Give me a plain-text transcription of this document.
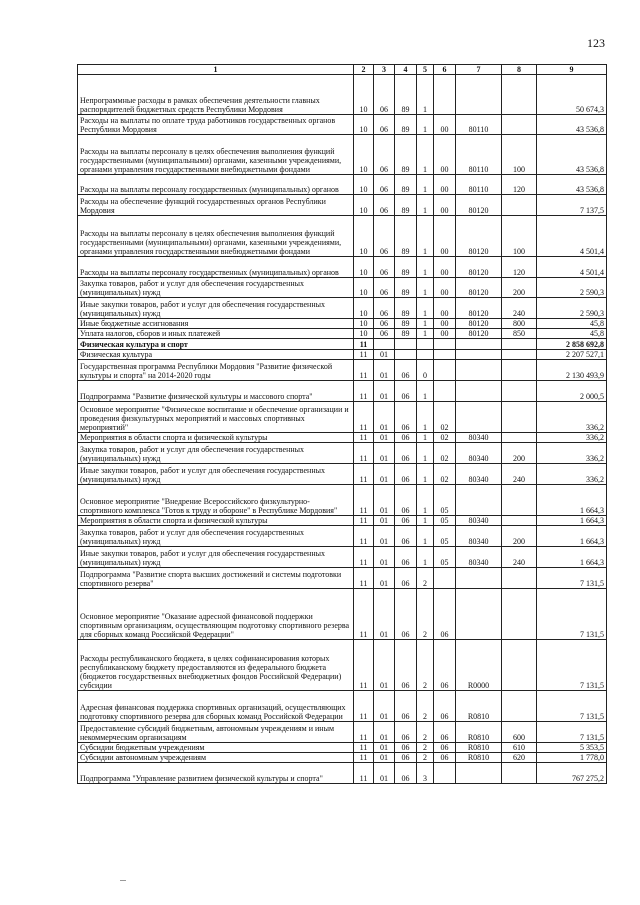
123
1	2	3	4	5	6	7	8	9
Непрограммные расходы в рамках обеспечения деятельности главных распорядителей бюджетных средств Республики Мордовия	10	06	89	1				50 674,3
Расходы на выплаты по оплате труда работников государственных органов Республики Мордовия	10	06	89	1	00	80110		43 536,8
Расходы на выплаты персоналу в целях обеспечения выполнения функций государственными (муниципальными) органами, казенными учреждениями, органами управления государственными внебюджетными фондами	10	06	89	1	00	80110	100	43 536,8
Расходы на выплаты персоналу государственных (муниципальных) органов	10	06	89	1	00	80110	120	43 536,8
Расходы на обеспечение функций государственных органов Республики Мордовия	10	06	89	1	00	80120		7 137,5
Расходы на выплаты персоналу в целях обеспечения выполнения функций государственными (муниципальными) органами, казенными учреждениями, органами управления государственными внебюджетными фондами	10	06	89	1	00	80120	100	4 501,4
Расходы на выплаты персоналу государственных (муниципальных) органов	10	06	89	1	00	80120	120	4 501,4
Закупка товаров, работ и услуг для обеспечения государственных (муниципальных) нужд	10	06	89	1	00	80120	200	2 590,3
Иные закупки товаров, работ и услуг для обеспечения государственных (муниципальных) нужд	10	06	89	1	00	80120	240	2 590,3
Иные бюджетные ассигнования	10	06	89	1	00	80120	800	45,8
Уплата налогов, сборов и иных платежей	10	06	89	1	00	80120	850	45,8
Физическая культура и спорт	11							2 858 692,8
Физическая культура	11	01						2 207 527,1
Государственная программа Республики Мордовия "Развитие физической культуры и спорта" на 2014-2020 годы	11	01	06	0				2 130 493,9
Подпрограмма "Развитие физической культуры и массового спорта"	11	01	06	1				2 000,5
Основное мероприятие "Физическое воспитание и обеспечение организации и проведения физкультурных мероприятий и массовых спортивных мероприятий"	11	01	06	1	02			336,2
Мероприятия в области спорта и физической культуры	11	01	06	1	02	80340		336,2
Закупка товаров, работ и услуг для обеспечения государственных (муниципальных) нужд	11	01	06	1	02	80340	200	336,2
Иные закупки товаров, работ и услуг для обеспечения государственных (муниципальных) нужд	11	01	06	1	02	80340	240	336,2
Основное мероприятие "Внедрение Всероссийского физкультурно-спортивного комплекса "Готов к труду и обороне" в Республике Мордовия"	11	01	06	1	05			1 664,3
Мероприятия в области спорта и физической культуры	11	01	06	1	05	80340		1 664,3
Закупка товаров, работ и услуг для обеспечения государственных (муниципальных) нужд	11	01	06	1	05	80340	200	1 664,3
Иные закупки товаров, работ и услуг для обеспечения государственных (муниципальных) нужд	11	01	06	1	05	80340	240	1 664,3
Подпрограмма "Развитие спорта высших достижений и системы подготовки спортивного резерва"	11	01	06	2				7 131,5
Основное мероприятие "Оказание адресной финансовой поддержки спортивным организациям, осуществляющим подготовку спортивного резерва для сборных команд Российской Федерации"	11	01	06	2	06			7 131,5
Расходы республиканского бюджета, в целях софинансирования которых республиканскому бюджету предоставляются из федерального бюджета (бюджетов государственных внебюджетных фондов Российской Федерации) субсидии	11	01	06	2	06	R0000		7 131,5
Адресная финансовая поддержка спортивных организаций, осуществляющих подготовку спортивного резерва для сборных команд Российской Федерации	11	01	06	2	06	R0810		7 131,5
Предоставление субсидий бюджетным, автономным учреждениям и иным некоммерческим организациям	11	01	06	2	06	R0810	600	7 131,5
Субсидии бюджетным учреждениям	11	01	06	2	06	R0810	610	5 353,5
Субсидии автономным учреждениям	11	01	06	2	06	R0810	620	1 778,0
Подпрограмма "Управление развитием физической культуры и спорта"	11	01	06	3				767 275,2
